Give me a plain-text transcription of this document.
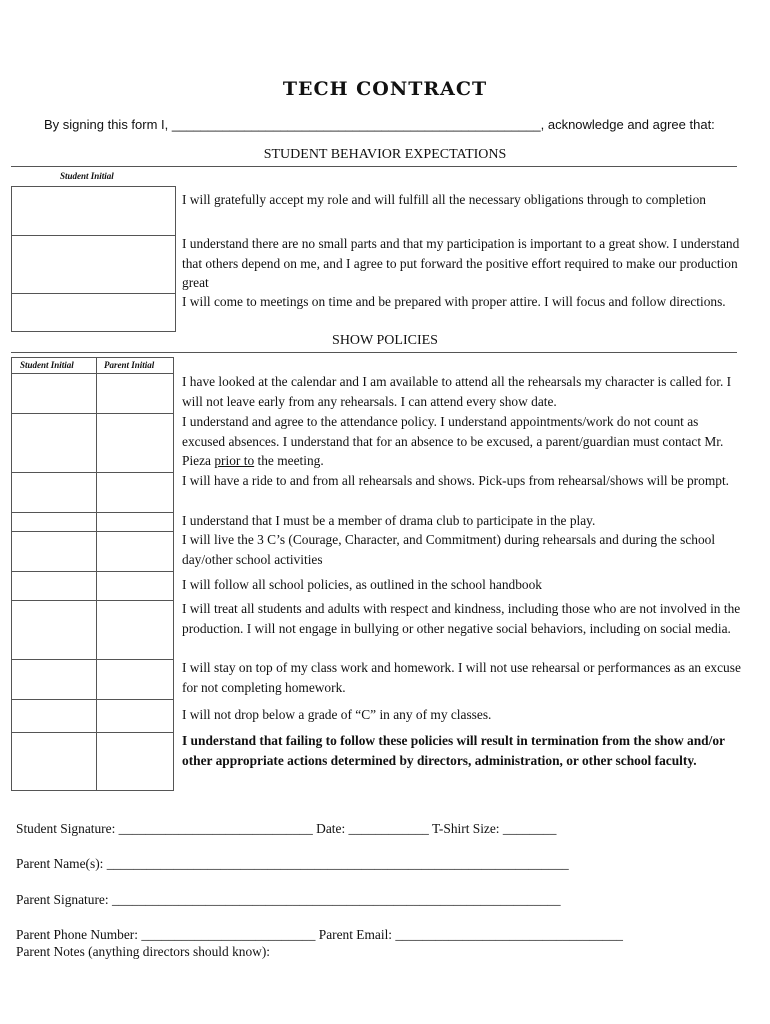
TECH CONTRACT
By signing this form I, ___________________________________________________, acknowledge and agree that:
STUDENT BEHAVIOR EXPECTATIONS
Student Initial
I will gratefully accept my role and will fulfill all the necessary obligations through to completion
I understand there are no small parts and that my participation is important to a great show. I understand that others depend on me, and I agree to put forward the positive effort required to make our production great
I will come to meetings on time and be prepared with proper attire. I will focus and follow directions.
SHOW POLICIES
Student Initial	Parent Initial
I have looked at the calendar and I am available to attend all the rehearsals my character is called for. I will not leave early from any rehearsals. I can attend every show date.
I understand and agree to the attendance policy. I understand appointments/work do not count as excused absences. I understand that for an absence to be excused, a parent/guardian must contact Mr. Pieza prior to the meeting.
I will have a ride to and from all rehearsals and shows. Pick-ups from rehearsal/shows will be prompt.
I understand that I must be a member of drama club to participate in the play.
I will live the 3 C’s (Courage, Character, and Commitment) during rehearsals and during the school day/other school activities
I will follow all school policies, as outlined in the school handbook
I will treat all students and adults with respect and kindness, including those who are not involved in the production. I will not engage in bullying or other negative social behaviors, including on social media.
I will stay on top of my class work and homework. I will not use rehearsal or performances as an excuse for not completing homework.
I will not drop below a grade of “C” in any of my classes.
I understand that failing to follow these policies will result in termination from the show and/or other appropriate actions determined by directors, administration, or other school faculty.
Student Signature: _____________________________ Date: ____________ T-Shirt Size: ________
Parent Name(s): _____________________________________________________________________
Parent Signature: ___________________________________________________________________
Parent Phone Number: __________________________ Parent Email: __________________________________
Parent Notes (anything directors should know):
